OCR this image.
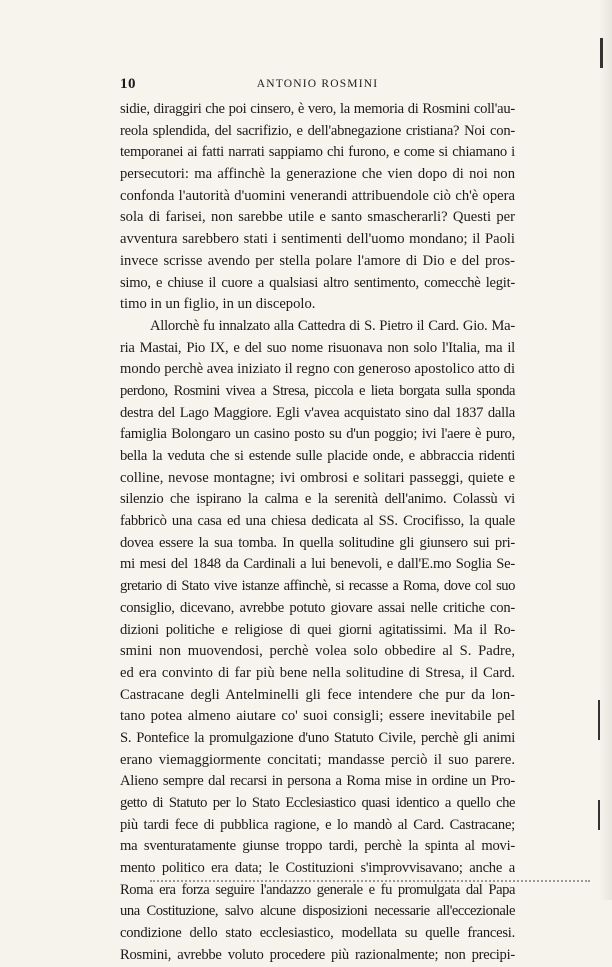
10	ANTONIO ROSMINI
sidie, diraggiri che poi cinsero, è vero, la memoria di Rosmini coll'au-
reola splendida, del sacrifizio, e dell'abnegazione cristiana? Noi con-
temporanei ai fatti narrati sappiamo chi furono, e come si chiamano i
persecutori: ma affinchè la generazione che vien dopo di noi non
confonda l'autorità d'uomini venerandi attribuendole ciò ch'è opera
sola di farisei, non sarebbe utile e santo smascherarli? Questi per
avventura sarebbero stati i sentimenti dell'uomo mondano; il Paoli
invece scrisse avendo per stella polare l'amore di Dio e del pros-
simo, e chiuse il cuore a qualsiasi altro sentimento, comecchè legit-
timo in un figlio, in un discepolo.
Allorchè fu innalzato alla Cattedra di S. Pietro il Card. Gio. Ma-
ria Mastai, Pio IX, e del suo nome risuonava non solo l'Italia, ma il
mondo perchè avea iniziato il regno con generoso apostolico atto di
perdono, Rosmini vivea a Stresa, piccola e lieta borgata sulla sponda
destra del Lago Maggiore. Egli v'avea acquistato sino dal 1837 dalla
famiglia Bolongaro un casino posto su d'un poggio; ivi l'aere è puro,
bella la veduta che si estende sulle placide onde, e abbraccia ridenti
colline, nevose montagne; ivi ombrosi e solitari passeggi, quiete e
silenzio che ispirano la calma e la serenità dell'animo. Colassù vi
fabbricò una casa ed una chiesa dedicata al SS. Crocifisso, la quale
dovea essere la sua tomba. In quella solitudine gli giunsero sui pri-
mi mesi del 1848 da Cardinali a lui benevoli, e dall'E.mo Soglia Se-
gretario di Stato vive istanze affinchè, si recasse a Roma, dove col suo
consiglio, dicevano, avrebbe potuto giovare assai nelle critiche con-
dizioni politiche e religiose di quei giorni agitatissimi. Ma il Ro-
smini non muovendosi, perchè volea solo obbedire al S. Padre,
ed era convinto di far più bene nella solitudine di Stresa, il Card.
Castracane degli Antelminelli gli fece intendere che pur da lon-
tano potea almeno aiutare co' suoi consigli; essere inevitabile pel
S. Pontefice la promulgazione d'uno Statuto Civile, perchè gli animi
erano viemaggiormente concitati; mandasse perciò il suo parere.
Alieno sempre dal recarsi in persona a Roma mise in ordine un Pro-
getto di Statuto per lo Stato Ecclesiastico quasi identico a quello che
più tardi fece di pubblica ragione, e lo mandò al Card. Castracane;
ma sventuratamente giunse troppo tardi, perchè la spinta al movi-
mento politico era data; le Costituzioni s'improvvisavano; anche a
Roma era forza seguire l'andazzo generale e fu promulgata dal Papa
una Costituzione, salvo alcune disposizioni necessarie all'eccezionale
condizione dello stato ecclesiastico, modellata su quelle francesi.
Rosmini, avrebbe voluto procedere più razionalmente; non precipi-
